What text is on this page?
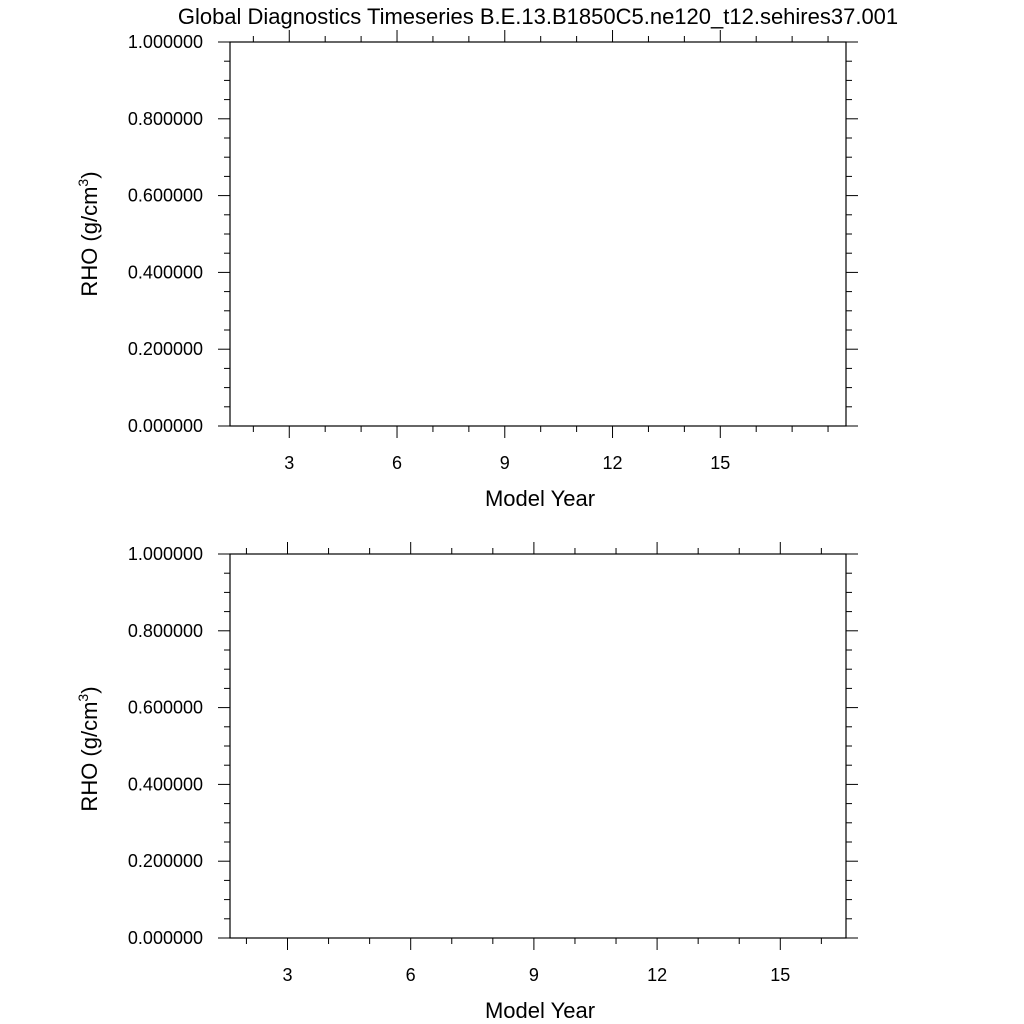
Global Diagnostics Timeseries B.E.13.B1850C5.ne120_t12.sehires37.001
0.000000
0.200000
0.400000
0.600000
0.800000
1.000000
3	6	9	12	15
Model Year
RHO $(g/cm^3)$
0.000000
0.200000
0.400000
0.600000
0.800000
1.000000
3	6	9	12	15
Model Year
RHO $(g/cm^3)$
